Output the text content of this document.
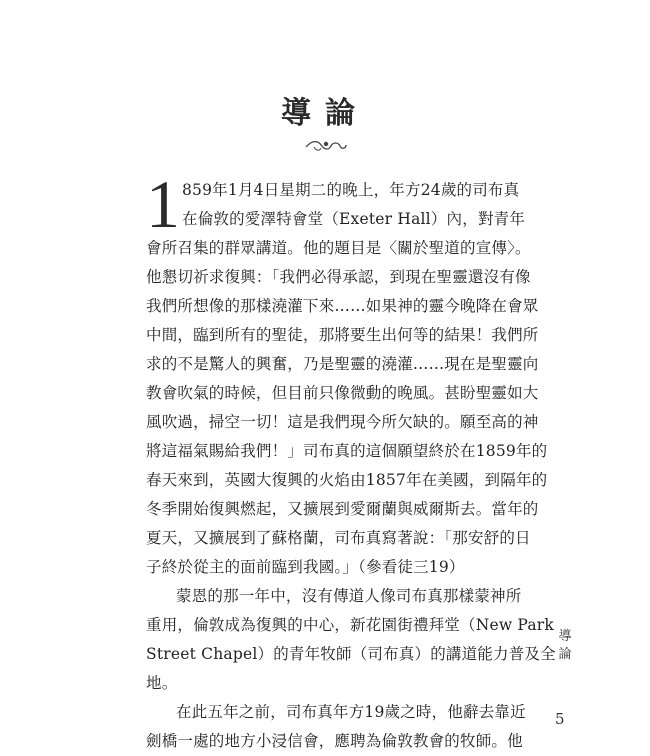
導論
1 859年1月4日星期二的晚上，年方24歲的司布真
在倫敦的愛澤特會堂（Exeter Hall）內，對青年
會所召集的群眾講道。他的題目是〈關於聖道的宣傳〉。
他懇切祈求復興：「我們必得承認，到現在聖靈還沒有像
我們所想像的那樣澆灌下來……如果神的靈今晚降在會眾
中間，臨到所有的聖徒，那將要生出何等的結果！我們所
求的不是驚人的興奮，乃是聖靈的澆灌……現在是聖靈向
教會吹氣的時候，但目前只像微動的晚風。甚盼聖靈如大
風吹過，掃空一切！這是我們現今所欠缺的。願至高的神
將這福氣賜給我們！」司布真的這個願望終於在1859年的
春天來到，英國大復興的火焰由1857年在美國，到隔年的
冬季開始復興燃起，又擴展到愛爾蘭與威爾斯去。當年的
夏天，又擴展到了蘇格蘭，司布真寫著說：「那安舒的日
子終於從主的面前臨到我國。」（參看徒三19）
蒙恩的那一年中，沒有傳道人像司布真那樣蒙神所
重用，倫敦成為復興的中心，新花園街禮拜堂（New Park
Street Chapel）的青年牧師（司布真）的講道能力普及全
地。
在此五年之前，司布真年方19歲之時，他辭去靠近
劍橋一處的地方小浸信會，應聘為倫敦教會的牧師。他
導
論
5
